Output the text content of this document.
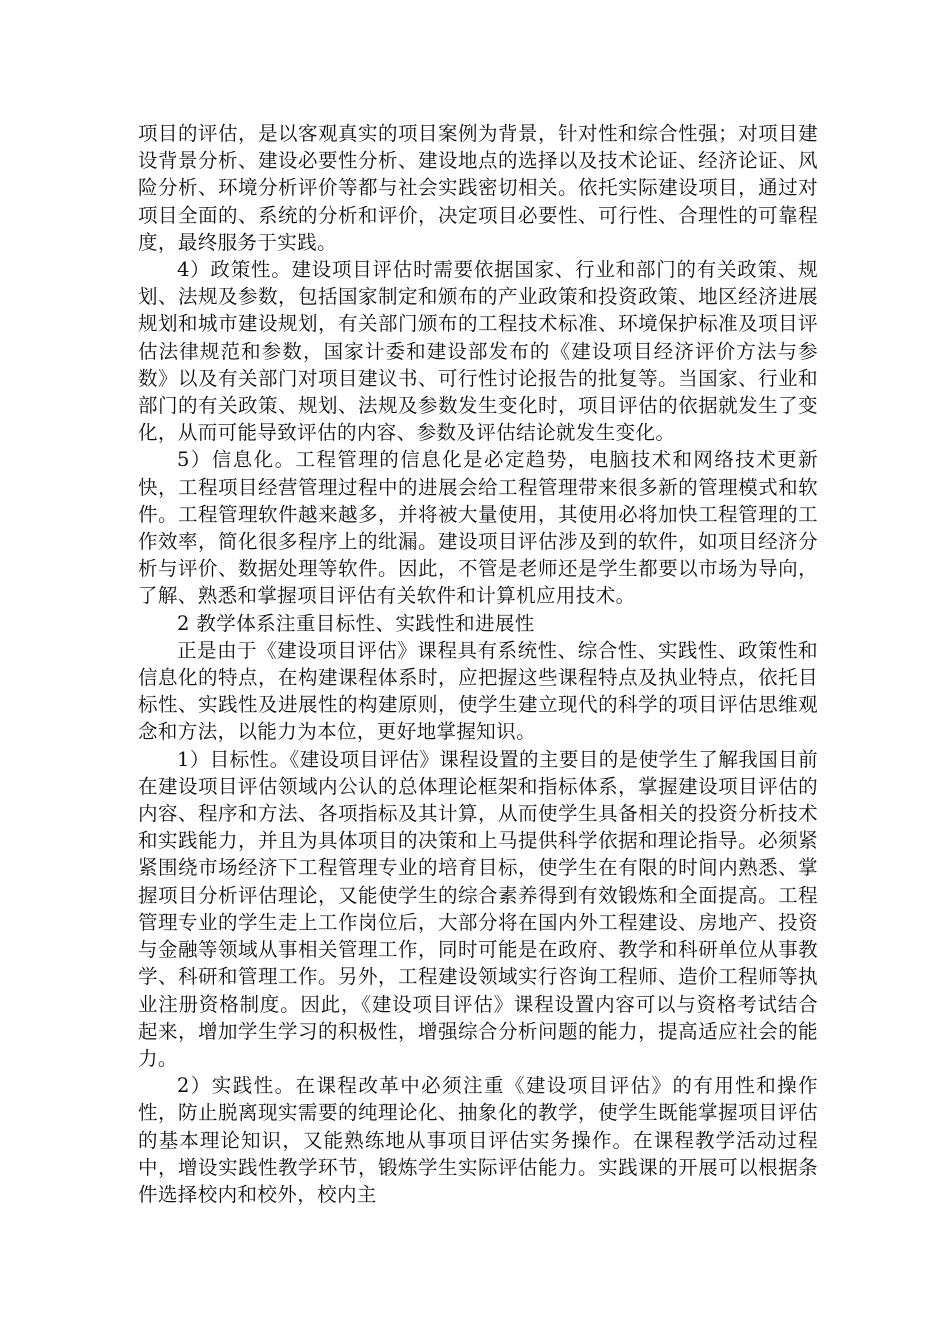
项目的评估，是以客观真实的项目案例为背景，针对性和综合性强；对项目建设背景分析、建设必要性分析、建设地点的选择以及技术论证、经济论证、风险分析、环境分析评价等都与社会实践密切相关。依托实际建设项目，通过对项目全面的、系统的分析和评价，决定项目必要性、可行性、合理性的可靠程度，最终服务于实践。

4）政策性。建设项目评估时需要依据国家、行业和部门的有关政策、规划、法规及参数，包括国家制定和颁布的产业政策和投资政策、地区经济进展规划和城市建设规划，有关部门颁布的工程技术标准、环境保护标准及项目评估法律规范和参数，国家计委和建设部发布的《建设项目经济评价方法与参数》以及有关部门对项目建议书、可行性讨论报告的批复等。当国家、行业和部门的有关政策、规划、法规及参数发生变化时，项目评估的依据就发生了变化，从而可能导致评估的内容、参数及评估结论就发生变化。

5）信息化。工程管理的信息化是必定趋势，电脑技术和网络技术更新快，工程项目经营管理过程中的进展会给工程管理带来很多新的管理模式和软件。工程管理软件越来越多，并将被大量使用，其使用必将加快工程管理的工作效率，简化很多程序上的纰漏。建设项目评估涉及到的软件，如项目经济分析与评价、数据处理等软件。因此，不管是老师还是学生都要以市场为导向，了解、熟悉和掌握项目评估有关软件和计算机应用技术。

2 教学体系注重目标性、实践性和进展性

正是由于《建设项目评估》课程具有系统性、综合性、实践性、政策性和信息化的特点，在构建课程体系时，应把握这些课程特点及执业特点，依托目标性、实践性及进展性的构建原则，使学生建立现代的科学的项目评估思维观念和方法，以能力为本位，更好地掌握知识。

1）目标性。《建设项目评估》课程设置的主要目的是使学生了解我国目前在建设项目评估领域内公认的总体理论框架和指标体系，掌握建设项目评估的内容、程序和方法、各项指标及其计算，从而使学生具备相关的投资分析技术和实践能力，并且为具体项目的决策和上马提供科学依据和理论指导。必须紧紧围绕市场经济下工程管理专业的培育目标，使学生在有限的时间内熟悉、掌握项目分析评估理论，又能使学生的综合素养得到有效锻炼和全面提高。工程管理专业的学生走上工作岗位后，大部分将在国内外工程建设、房地产、投资与金融等领域从事相关管理工作，同时可能是在政府、教学和科研单位从事教学、科研和管理工作。另外，工程建设领域实行咨询工程师、造价工程师等执业注册资格制度。因此，《建设项目评估》课程设置内容可以与资格考试结合起来，增加学生学习的积极性，增强综合分析问题的能力，提高适应社会的能力。

2）实践性。在课程改革中必须注重《建设项目评估》的有用性和操作性，防止脱离现实需要的纯理论化、抽象化的教学，使学生既能掌握项目评估的基本理论知识，又能熟练地从事项目评估实务操作。在课程教学活动过程中，增设实践性教学环节，锻炼学生实际评估能力。实践课的开展可以根据条件选择校内和校外，校内主
